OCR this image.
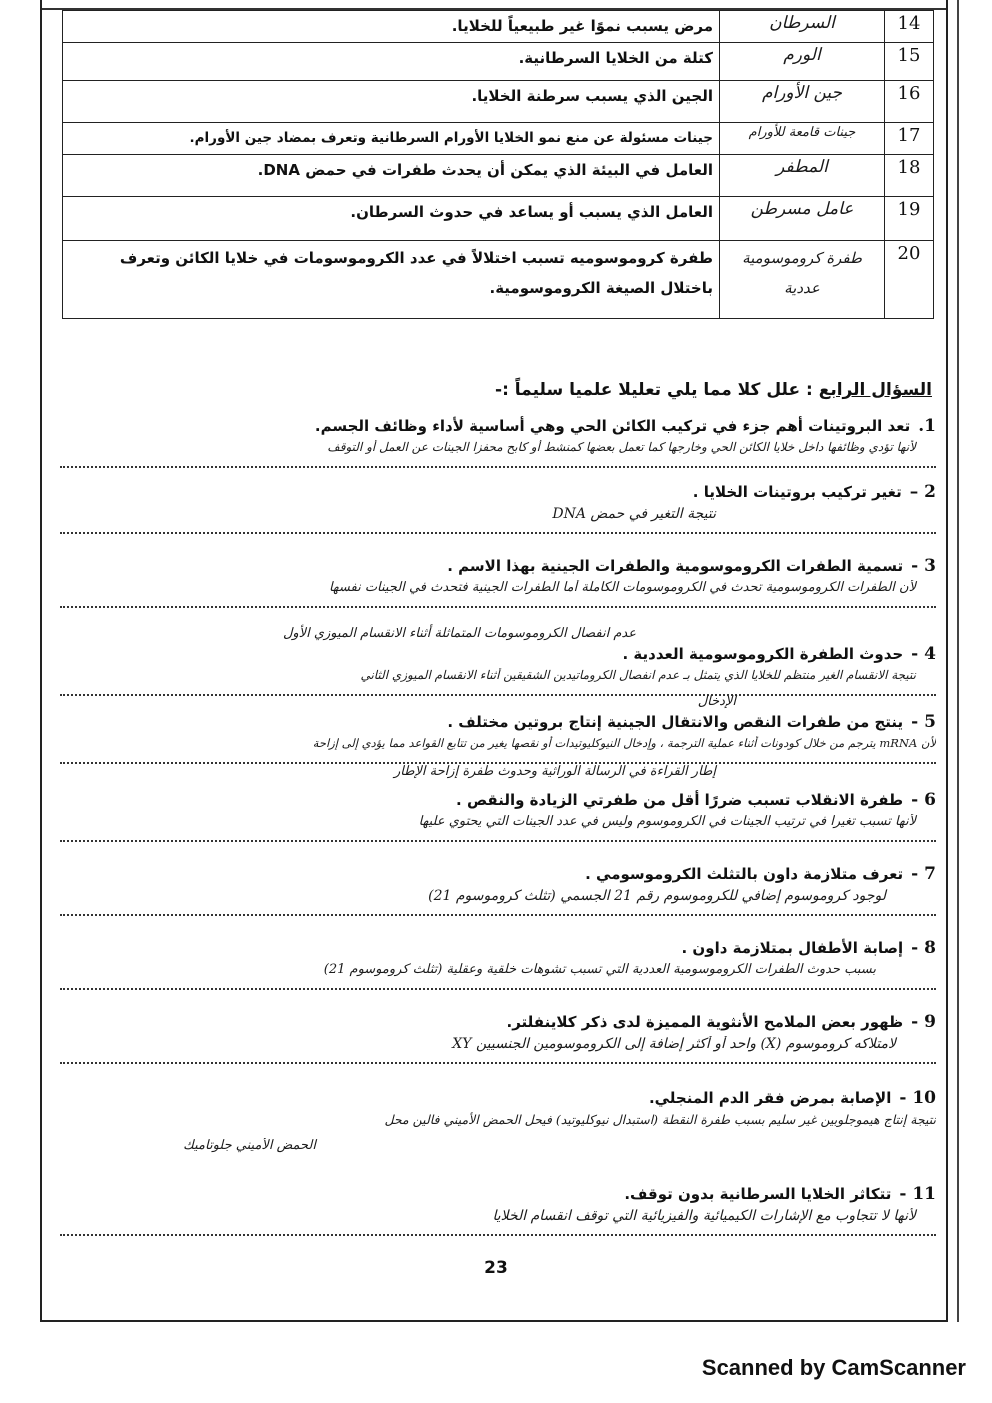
14	السرطان	مرض يسبب نموًا غير طبيعياً للخلايا.
15	الورم	كتلة من الخلايا السرطانية.
16	جين الأورام	الجين الذي يسبب سرطنة الخلايا.
17	جينات قامعة للأورام	جينات مسئولة عن منع نمو الخلايا الأورام السرطانية وتعرف بمضاد جين الأورام.
18	المطفر	العامل في البيئة الذي يمكن أن يحدث طفرات في حمض DNA.
19	عامل مسرطن	العامل الذي يسبب أو يساعد في حدوث السرطان.
20	طفرة كروموسومية عددية	طفرة كروموسوميه تسبب اختلالاً في عدد الكروموسومات في خلايا الكائن وتعرف باختلال الصيغة الكروموسومية.
السؤال الرابع : علل كلا مما يلي تعليلا علميا سليماً :-
1.
تعد البروتينات أهم جزء في تركيب الكائن الحي وهي أساسية لأداء وظائف الجسم.
لأنها تؤدي وظائفها داخل خلايا الكائن الحي وخارجها كما تعمل بعضها كمنشط أو كابح محفزا الجينات عن العمل أو التوقف
2 –
تغير تركيب بروتينات الخلايا .
نتيجة التغير في حمض DNA
3 -
تسمية الطفرات الكروموسومية والطفرات الجينية بهذا الاسم .
لأن الطفرات الكروموسومية تحدث في الكروموسومات الكاملة أما الطفرات الجينية فتحدث في الجينات نفسها
عدم انفصال الكروموسومات المتماثلة أثناء الانقسام الميوزي الأول
4 -
حدوث الطفرة الكروموسومية العددية .
نتيجة الانقسام الغير منتظم للخلايا الذي يتمثل بـ عدم انفصال الكروماتيدين الشقيقين أثناء الانقسام الميوزي الثاني
الإدخال
5 -
ينتج من طفرات النقص والانتقال الجينية إنتاج بروتين مختلف .
لأن mRNA يترجم من خلال كودونات أثناء عملية الترجمة ، وإدخال النيوكليوتيدات أو نقصها يغير من تتابع القواعد مما يؤدي إلى إزاحة
إطار القراءة في الرسالة الوراثية وحدوث طفرة إزاحة الإطار
6 -
طفرة الانقلاب تسبب ضررًا أقل من طفرتي الزيادة والنقص .
لأنها تسبب تغيرا في ترتيب الجينات في الكروموسوم وليس في عدد الجينات التي يحتوي عليها
7 -
تعرف متلازمة داون بالتثلث الكروموسومي .
لوجود كروموسوم إضافي للكروموسوم رقم 21 الجسمي (تثلث كروموسوم 21)
8 -
إصابة الأطفال بمتلازمة داون .
بسبب حدوث الطفرات الكروموسومية العددية التي تسبب تشوهات خلقية وعقلية (تثلث كروموسوم 21)
9 -
ظهور بعض الملامح الأنثوية المميزة لدى ذكر كلاينفلتر.
لامتلاكه كروموسوم (X) واحد أو أكثر إضافة إلى الكروموسومين الجنسيين XY
10 -
الإصابة بمرض فقر الدم المنجلي.
نتيجة إنتاج هيموجلوبين غير سليم بسبب طفرة النقطة (استبدال نيوكليوتيد) فيحل الحمض الأميني فالين محل
الحمض الأميني جلوتاميك
11 -
تتكاثر الخلايا السرطانية بدون توقف.
لأنها لا تتجاوب مع الإشارات الكيميائية والفيزيائية التي توقف انقسام الخلايا
23
Scanned by CamScanner
